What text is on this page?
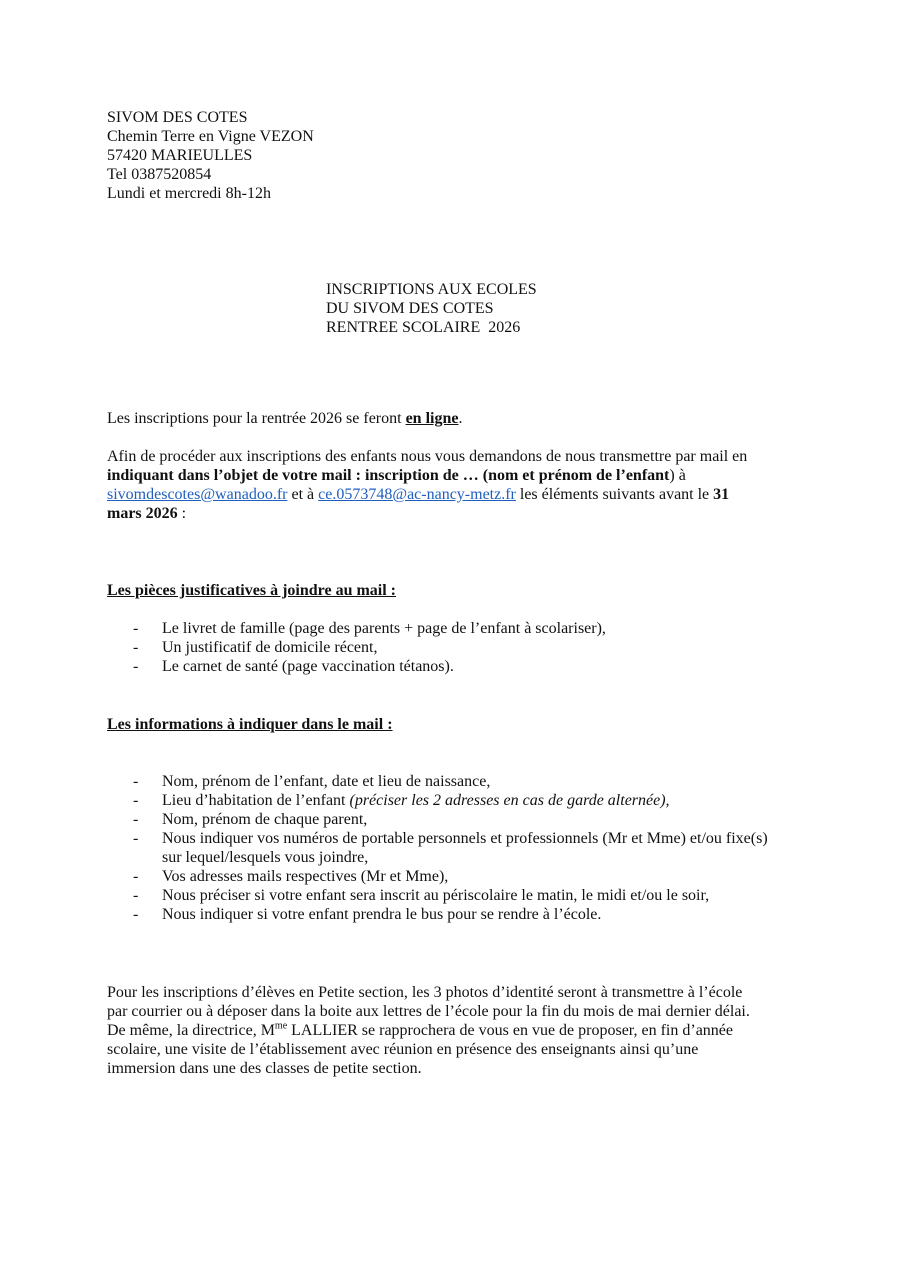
SIVOM DES COTES
Chemin Terre en Vigne VEZON
57420 MARIEULLES
Tel 0387520854
Lundi et mercredi 8h-12h
INSCRIPTIONS AUX ECOLES
DU SIVOM DES COTES
RENTREE SCOLAIRE  2026
Les inscriptions pour la rentrée 2026 se feront en ligne.
Afin de procéder aux inscriptions des enfants nous vous demandons de nous transmettre par mail en
indiquant dans l’objet de votre mail : inscription de … (nom et prénom de l’enfant) à
sivomdescotes@wanadoo.fr et à ce.0573748@ac-nancy-metz.fr les éléments suivants avant le 31
mars 2026 :
Les pièces justificatives à joindre au mail :
- Le livret de famille (page des parents + page de l’enfant à scolariser),
- Un justificatif de domicile récent,
- Le carnet de santé (page vaccination tétanos).
Les informations à indiquer dans le mail :
- Nom, prénom de l’enfant, date et lieu de naissance,
- Lieu d’habitation de l’enfant (préciser les 2 adresses en cas de garde alternée),
- Nom, prénom de chaque parent,
- Nous indiquer vos numéros de portable personnels et professionnels (Mr et Mme) et/ou fixe(s)
sur lequel/lesquels vous joindre,
- Vos adresses mails respectives (Mr et Mme),
- Nous préciser si votre enfant sera inscrit au périscolaire le matin, le midi et/ou le soir,
- Nous indiquer si votre enfant prendra le bus pour se rendre à l’école.
Pour les inscriptions d’élèves en Petite section, les 3 photos d’identité seront à transmettre à l’école
par courrier ou à déposer dans la boite aux lettres de l’école pour la fin du mois de mai dernier délai.
De même, la directrice, $M^{me}$ LALLIER se rapprochera de vous en vue de proposer, en fin d’année
scolaire, une visite de l’établissement avec réunion en présence des enseignants ainsi qu’une
immersion dans une des classes de petite section.
